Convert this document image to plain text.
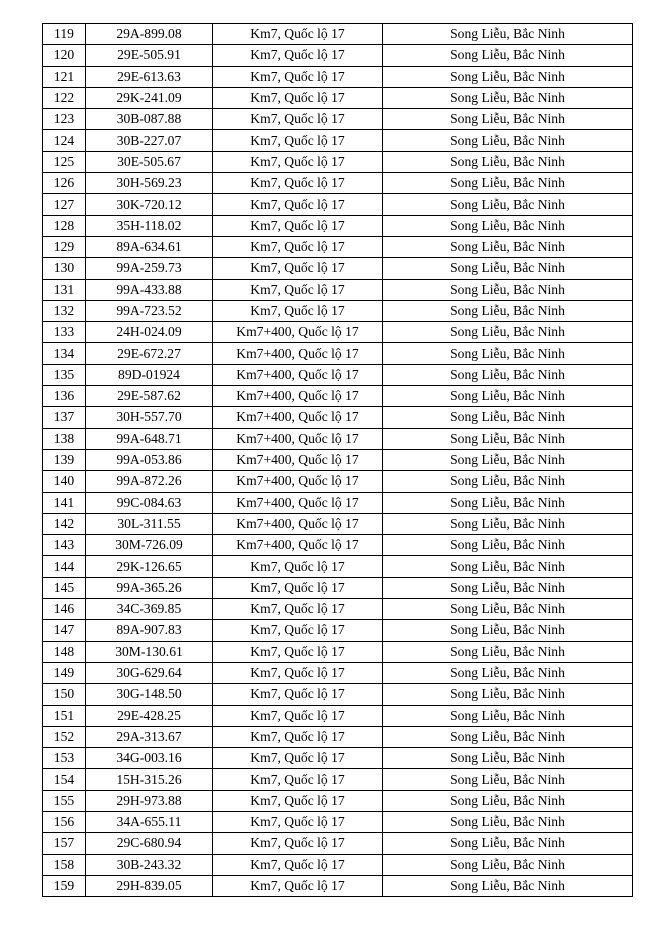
119	29A-899.08	Km7, Quốc lộ 17	Song Liễu, Bắc Ninh
120	29E-505.91	Km7, Quốc lộ 17	Song Liễu, Bắc Ninh
121	29E-613.63	Km7, Quốc lộ 17	Song Liễu, Bắc Ninh
122	29K-241.09	Km7, Quốc lộ 17	Song Liễu, Bắc Ninh
123	30B-087.88	Km7, Quốc lộ 17	Song Liễu, Bắc Ninh
124	30B-227.07	Km7, Quốc lộ 17	Song Liễu, Bắc Ninh
125	30E-505.67	Km7, Quốc lộ 17	Song Liễu, Bắc Ninh
126	30H-569.23	Km7, Quốc lộ 17	Song Liễu, Bắc Ninh
127	30K-720.12	Km7, Quốc lộ 17	Song Liễu, Bắc Ninh
128	35H-118.02	Km7, Quốc lộ 17	Song Liễu, Bắc Ninh
129	89A-634.61	Km7, Quốc lộ 17	Song Liễu, Bắc Ninh
130	99A-259.73	Km7, Quốc lộ 17	Song Liễu, Bắc Ninh
131	99A-433.88	Km7, Quốc lộ 17	Song Liễu, Bắc Ninh
132	99A-723.52	Km7, Quốc lộ 17	Song Liễu, Bắc Ninh
133	24H-024.09	Km7+400, Quốc lộ 17	Song Liễu, Bắc Ninh
134	29E-672.27	Km7+400, Quốc lộ 17	Song Liễu, Bắc Ninh
135	89D-01924	Km7+400, Quốc lộ 17	Song Liễu, Bắc Ninh
136	29E-587.62	Km7+400, Quốc lộ 17	Song Liễu, Bắc Ninh
137	30H-557.70	Km7+400, Quốc lộ 17	Song Liễu, Bắc Ninh
138	99A-648.71	Km7+400, Quốc lộ 17	Song Liễu, Bắc Ninh
139	99A-053.86	Km7+400, Quốc lộ 17	Song Liễu, Bắc Ninh
140	99A-872.26	Km7+400, Quốc lộ 17	Song Liễu, Bắc Ninh
141	99C-084.63	Km7+400, Quốc lộ 17	Song Liễu, Bắc Ninh
142	30L-311.55	Km7+400, Quốc lộ 17	Song Liễu, Bắc Ninh
143	30M-726.09	Km7+400, Quốc lộ 17	Song Liễu, Bắc Ninh
144	29K-126.65	Km7, Quốc lộ 17	Song Liễu, Bắc Ninh
145	99A-365.26	Km7, Quốc lộ 17	Song Liễu, Bắc Ninh
146	34C-369.85	Km7, Quốc lộ 17	Song Liễu, Bắc Ninh
147	89A-907.83	Km7, Quốc lộ 17	Song Liễu, Bắc Ninh
148	30M-130.61	Km7, Quốc lộ 17	Song Liễu, Bắc Ninh
149	30G-629.64	Km7, Quốc lộ 17	Song Liễu, Bắc Ninh
150	30G-148.50	Km7, Quốc lộ 17	Song Liễu, Bắc Ninh
151	29E-428.25	Km7, Quốc lộ 17	Song Liễu, Bắc Ninh
152	29A-313.67	Km7, Quốc lộ 17	Song Liễu, Bắc Ninh
153	34G-003.16	Km7, Quốc lộ 17	Song Liễu, Bắc Ninh
154	15H-315.26	Km7, Quốc lộ 17	Song Liễu, Bắc Ninh
155	29H-973.88	Km7, Quốc lộ 17	Song Liễu, Bắc Ninh
156	34A-655.11	Km7, Quốc lộ 17	Song Liễu, Bắc Ninh
157	29C-680.94	Km7, Quốc lộ 17	Song Liễu, Bắc Ninh
158	30B-243.32	Km7, Quốc lộ 17	Song Liễu, Bắc Ninh
159	29H-839.05	Km7, Quốc lộ 17	Song Liễu, Bắc Ninh
